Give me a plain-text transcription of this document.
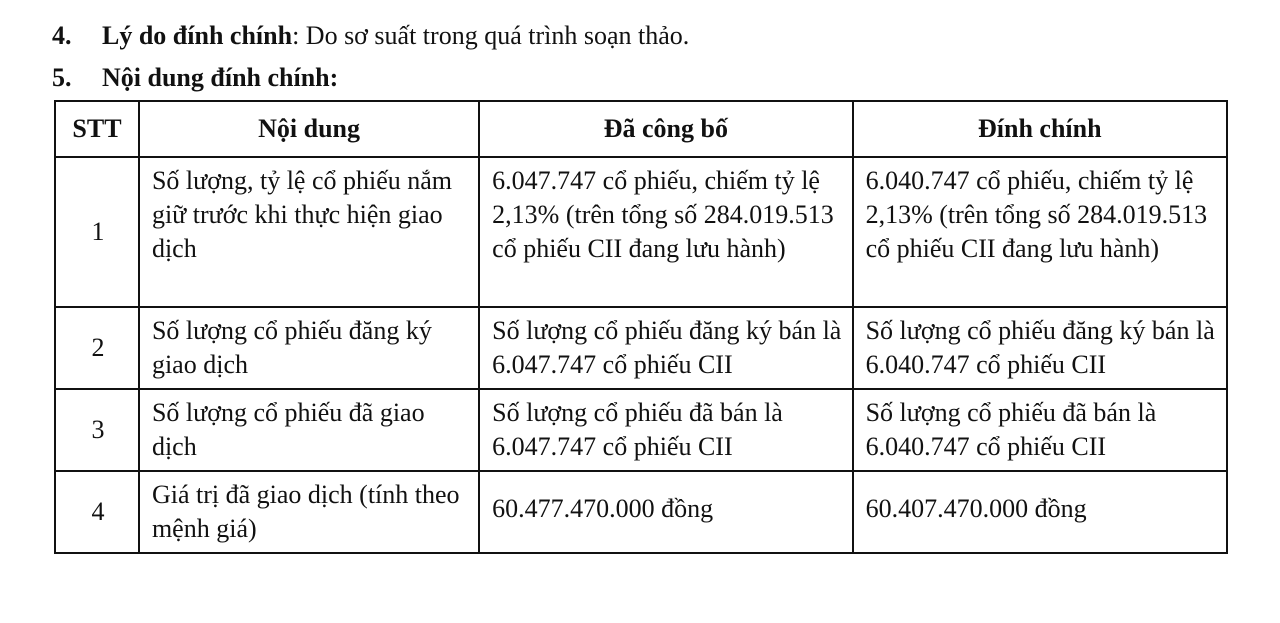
4. Lý do đính chính: Do sơ suất trong quá trình soạn thảo.
5. Nội dung đính chính:
STT	Nội dung	Đã công bố	Đính chính
1	Số lượng, tỷ lệ cổ phiếu nắm giữ trước khi thực hiện giao dịch	6.047.747 cổ phiếu, chiếm tỷ lệ 2,13% (trên tổng số 284.019.513 cổ phiếu CII đang lưu hành)	6.040.747 cổ phiếu, chiếm tỷ lệ 2,13% (trên tổng số 284.019.513 cổ phiếu CII đang lưu hành)
2	Số lượng cổ phiếu đăng ký giao dịch	Số lượng cổ phiếu đăng ký bán là 6.047.747 cổ phiếu CII	Số lượng cổ phiếu đăng ký bán là 6.040.747 cổ phiếu CII
3	Số lượng cổ phiếu đã giao dịch	Số lượng cổ phiếu đã bán là 6.047.747 cổ phiếu CII	Số lượng cổ phiếu đã bán là 6.040.747 cổ phiếu CII
4	Giá trị đã giao dịch (tính theo mệnh giá)	60.477.470.000 đồng	60.407.470.000 đồng
